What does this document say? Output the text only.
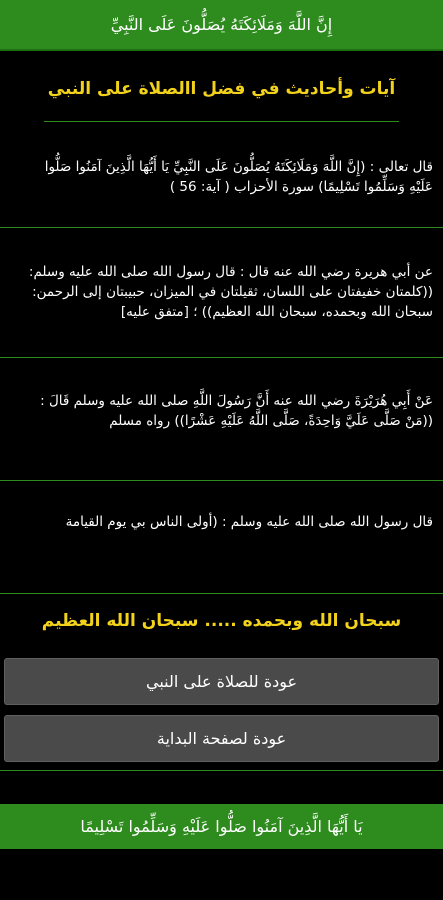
إِنَّ اللَّهَ وَمَلَائِكَتَهُ يُصَلُّونَ عَلَى النَّبِيِّ
آيات وأحاديث في فضل االصلاة على النبي
قال تعالى : (إِنَّ اللَّهَ وَمَلَائِكَتَهُ يُصَلُّونَ عَلَى النَّبِيِّ يَا أَيُّهَا الَّذِينَ آمَنُوا صَلُّوا
عَلَيْهِ وَسَلِّمُوا تَسْلِيمًا) سورة الأحزاب ( آية: 56 )
عن أبي هريرة رضي الله عنه قال : قال رسول الله صلى الله عليه وسلم:
((كلمتان خفيفتان على اللسان، ثقيلتان في الميزان، حبيبتان إلى الرحمن:
سبحان الله وبحمده، سبحان الله العظيم)) ؛ [متفق عليه]
عَنْ أَبِي هُرَيْرَةَ رضي الله عنه أَنَّ رَسُولَ اللَّهِ صلى الله عليه وسلم قَالَ :
((مَنْ صَلَّى عَلَيَّ وَاحِدَةً، صَلَّى اللَّهُ عَلَيْهِ عَشْرًا)) رواه مسلم
قال رسول الله صلى الله عليه وسلم : (أولى الناس بي يوم القيامة
سبحان الله وبحمده ..... سبحان الله العظيم
عودة للصلاة على النبي
عودة لصفحة البداية
يَا أَيُّهَا الَّذِينَ آمَنُوا صَلُّوا عَلَيْهِ وَسَلِّمُوا تَسْلِيمًا
